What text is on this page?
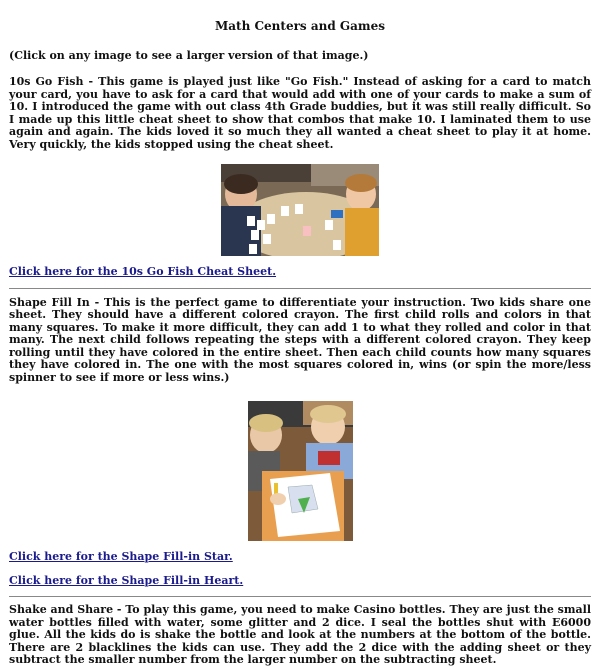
Math Centers and Games

(Click on any image to see a larger version of that image.)

10s Go Fish - This game is played just like "Go Fish." Instead of asking for a card to match your card, you have to ask for a card that would add with one of your cards to make a sum of 10. I introduced the game with out class 4th Grade buddies, but it was still really difficult. So I made up this little cheat sheet to show that combos that make 10. I laminated them to use again and again. The kids loved it so much they all wanted a cheat sheet to play it at home. Very quickly, the kids stopped using the cheat sheet.

Click here for the 10s Go Fish Cheat Sheet.

Shape Fill In - This is the perfect game to differentiate your instruction. Two kids share one sheet. They should have a different colored crayon. The first child rolls and colors in that many squares. To make it more difficult, they can add 1 to what they rolled and color in that many. The next child follows repeating the steps with a different colored crayon. They keep rolling until they have colored in the entire sheet. Then each child counts how many squares they have colored in. The one with the most squares colored in, wins (or spin the more/less spinner to see if more or less wins.)

Click here for the Shape Fill-in Star.
Click here for the Shape Fill-in Heart.

Shake and Share - To play this game, you need to make Casino bottles. They are just the small water bottles filled with water, some glitter and 2 dice. I seal the bottles shut with E6000 glue. All the kids do is shake the bottle and look at the numbers at the bottom of the bottle. There are 2 blacklines the kids can use. They add the 2 dice with the adding sheet or they subtract the smaller number from the larger number on the subtracting sheet.
